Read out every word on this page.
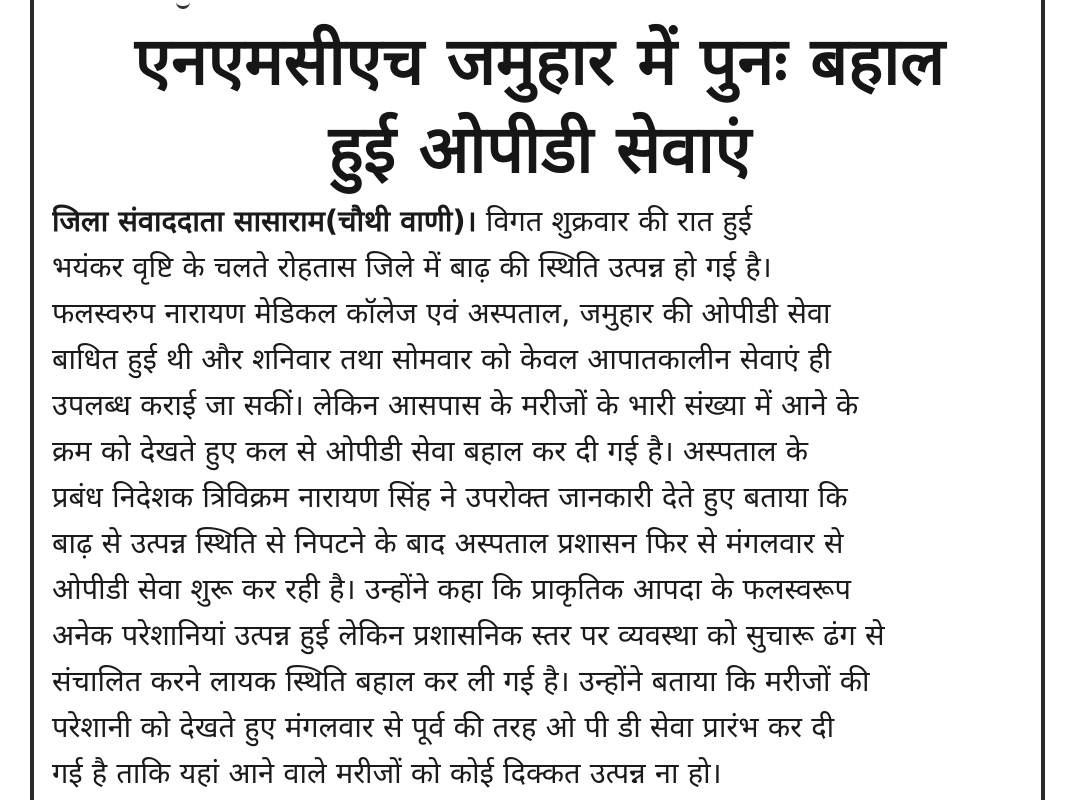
एनएमसीएच जमुहार में पुनः बहाल
हुई ओपीडी सेवाएं
जिला संवाददाता सासाराम(चौथी वाणी)। विगत शुक्रवार की रात हुई
भयंकर वृष्टि के चलते रोहतास जिले में बाढ़ की स्थिति उत्पन्न हो गई है।
फलस्वरुप नारायण मेडिकल कॉलेज एवं अस्पताल, जमुहार की ओपीडी सेवा
बाधित हुई थी और शनिवार तथा सोमवार को केवल आपातकालीन सेवाएं ही
उपलब्ध कराई जा सकीं। लेकिन आसपास के मरीजों के भारी संख्या में आने के
क्रम को देखते हुए कल से ओपीडी सेवा बहाल कर दी गई है। अस्पताल के
प्रबंध निदेशक त्रिविक्रम नारायण सिंह ने उपरोक्त जानकारी देते हुए बताया कि
बाढ़ से उत्पन्न स्थिति से निपटने के बाद अस्पताल प्रशासन फिर से मंगलवार से
ओपीडी सेवा शुरू कर रही है। उन्होंने कहा कि प्राकृतिक आपदा के फलस्वरूप
अनेक परेशानियां उत्पन्न हुई लेकिन प्रशासनिक स्तर पर व्यवस्था को सुचारू ढंग से
संचालित करने लायक स्थिति बहाल कर ली गई है। उन्होंने बताया कि मरीजों की
परेशानी को देखते हुए मंगलवार से पूर्व की तरह ओ पी डी सेवा प्रारंभ कर दी
गई है ताकि यहां आने वाले मरीजों को कोई दिक्कत उत्पन्न ना हो।
